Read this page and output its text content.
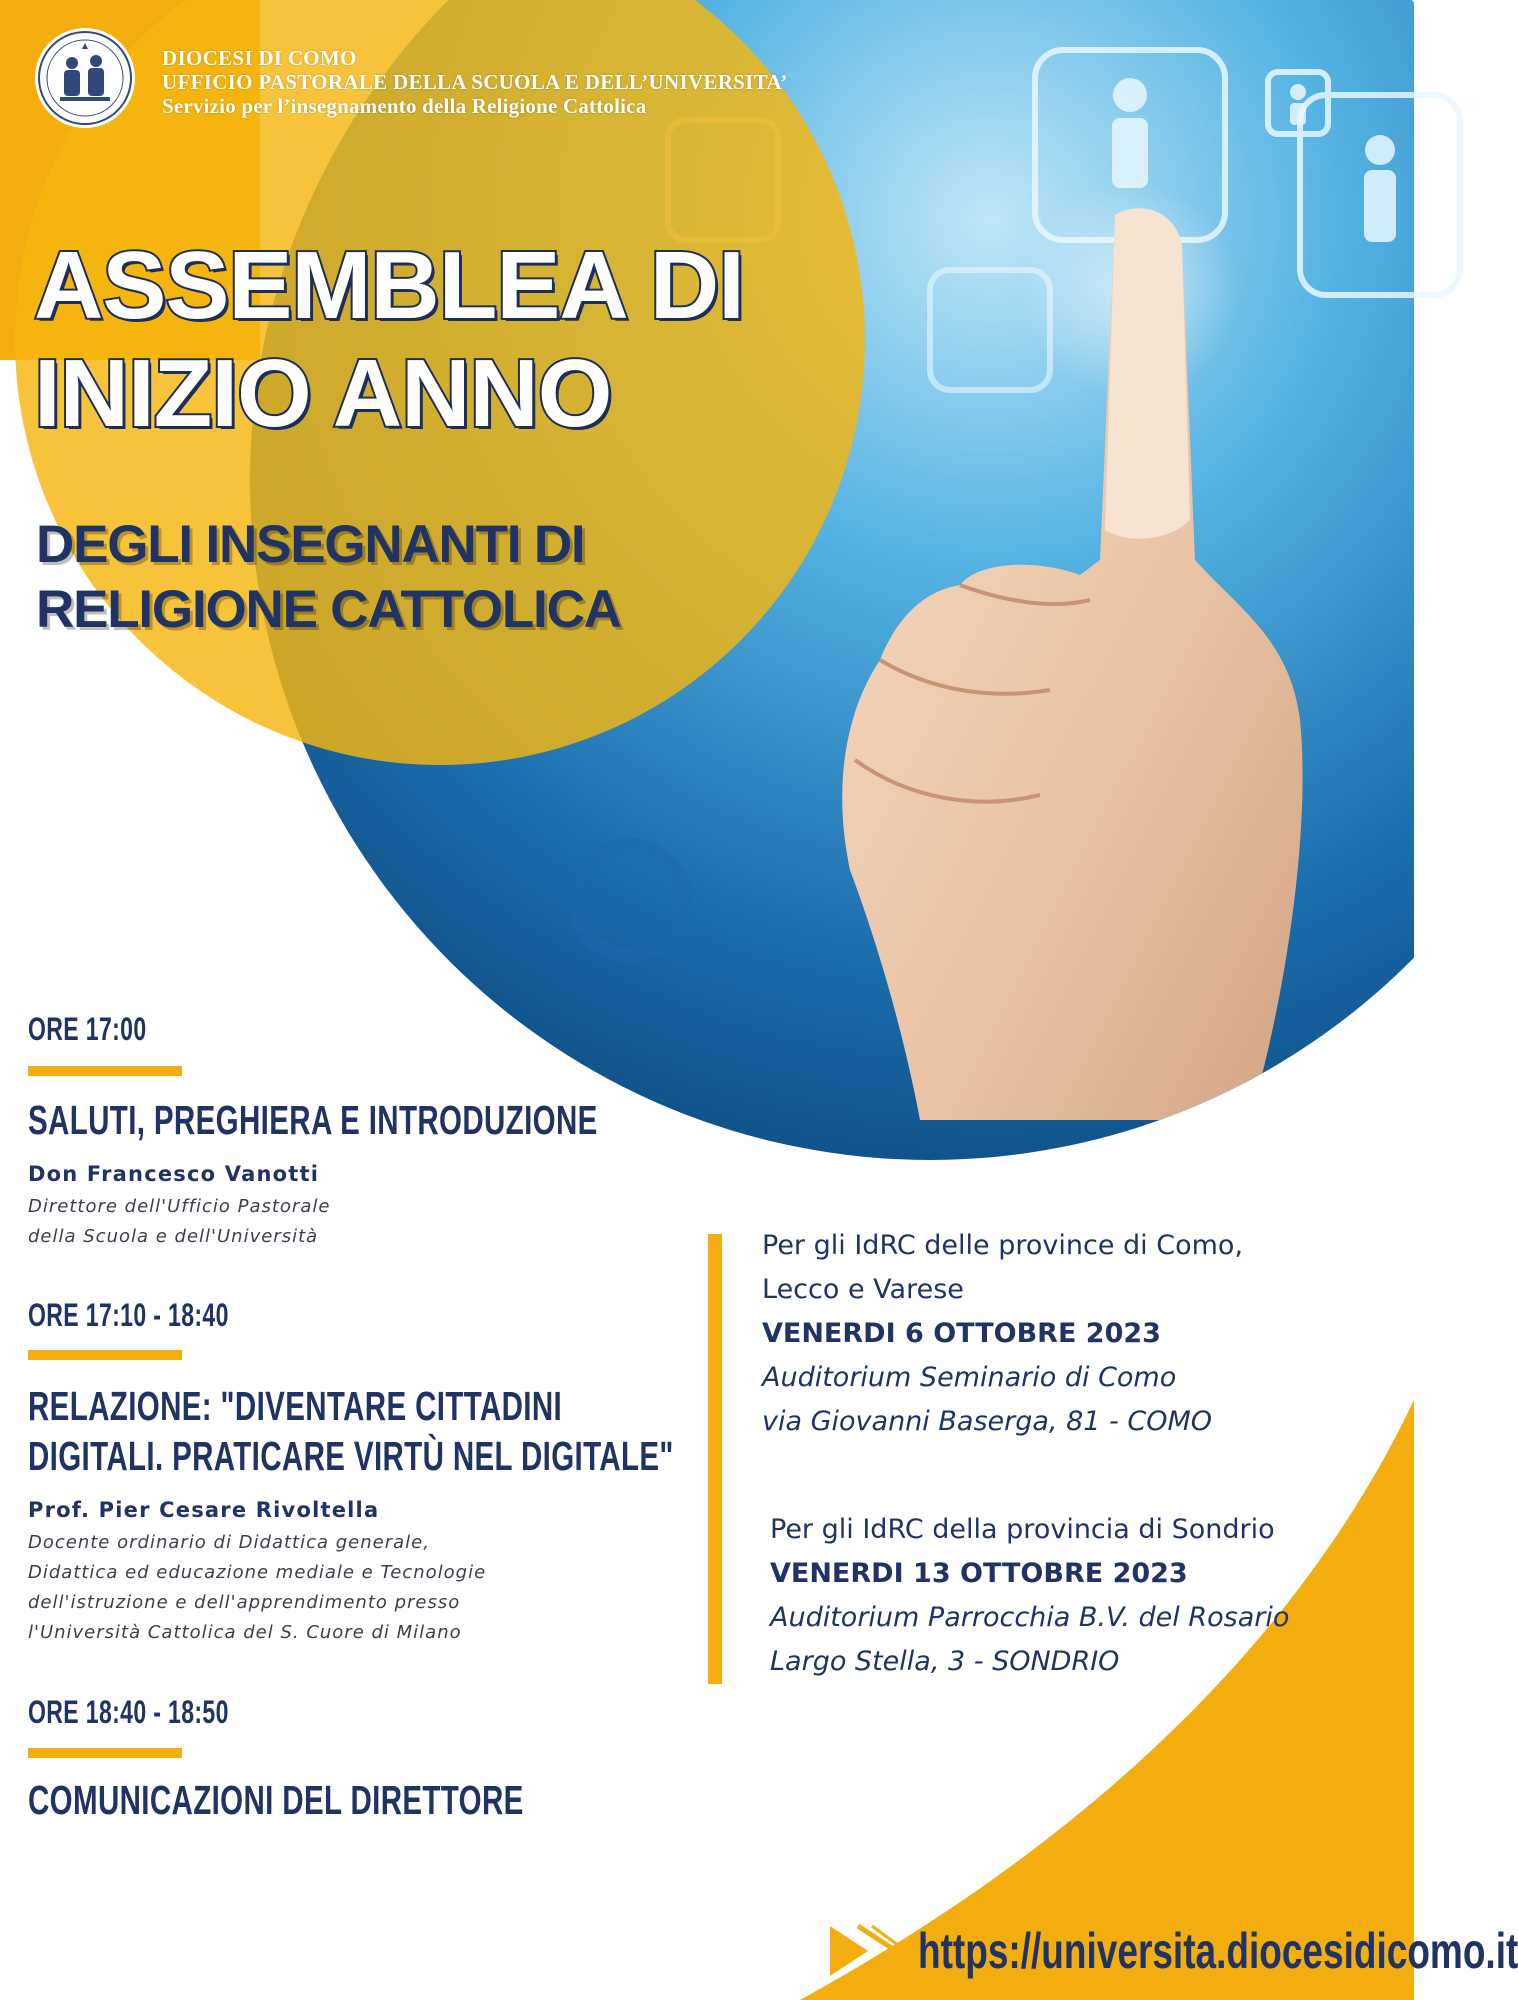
DIOCESI DI COMO
UFFICIO PASTORALE DELLA SCUOLA E DELL’UNIVERSITA’
Servizio per l’insegnamento della Religione Cattolica
ASSEMBLEA DI
INIZIO ANNO
DEGLI INSEGNANTI DI
RELIGIONE CATTOLICA
ORE 17:00
SALUTI, PREGHIERA E INTRODUZIONE
Don Francesco Vanotti
Direttore dell'Ufficio Pastorale
della Scuola e dell'Università
ORE 17:10 - 18:40
RELAZIONE: "DIVENTARE CITTADINI
DIGITALI. PRATICARE VIRTÙ NEL DIGITALE"
Prof. Pier Cesare Rivoltella
Docente ordinario di Didattica generale,
Didattica ed educazione mediale e Tecnologie
dell'istruzione e dell'apprendimento presso
l'Università Cattolica del S. Cuore di Milano
ORE 18:40 - 18:50
COMUNICAZIONI DEL DIRETTORE
Per gli IdRC delle province di Como,
Lecco e Varese
VENERDI 6 OTTOBRE 2023
Auditorium Seminario di Como
via Giovanni Baserga, 81 - COMO
Per gli IdRC della provincia di Sondrio
VENERDI 13 OTTOBRE 2023
Auditorium Parrocchia B.V. del Rosario
Largo Stella, 3 - SONDRIO
https://universita.diocesidicomo.it
